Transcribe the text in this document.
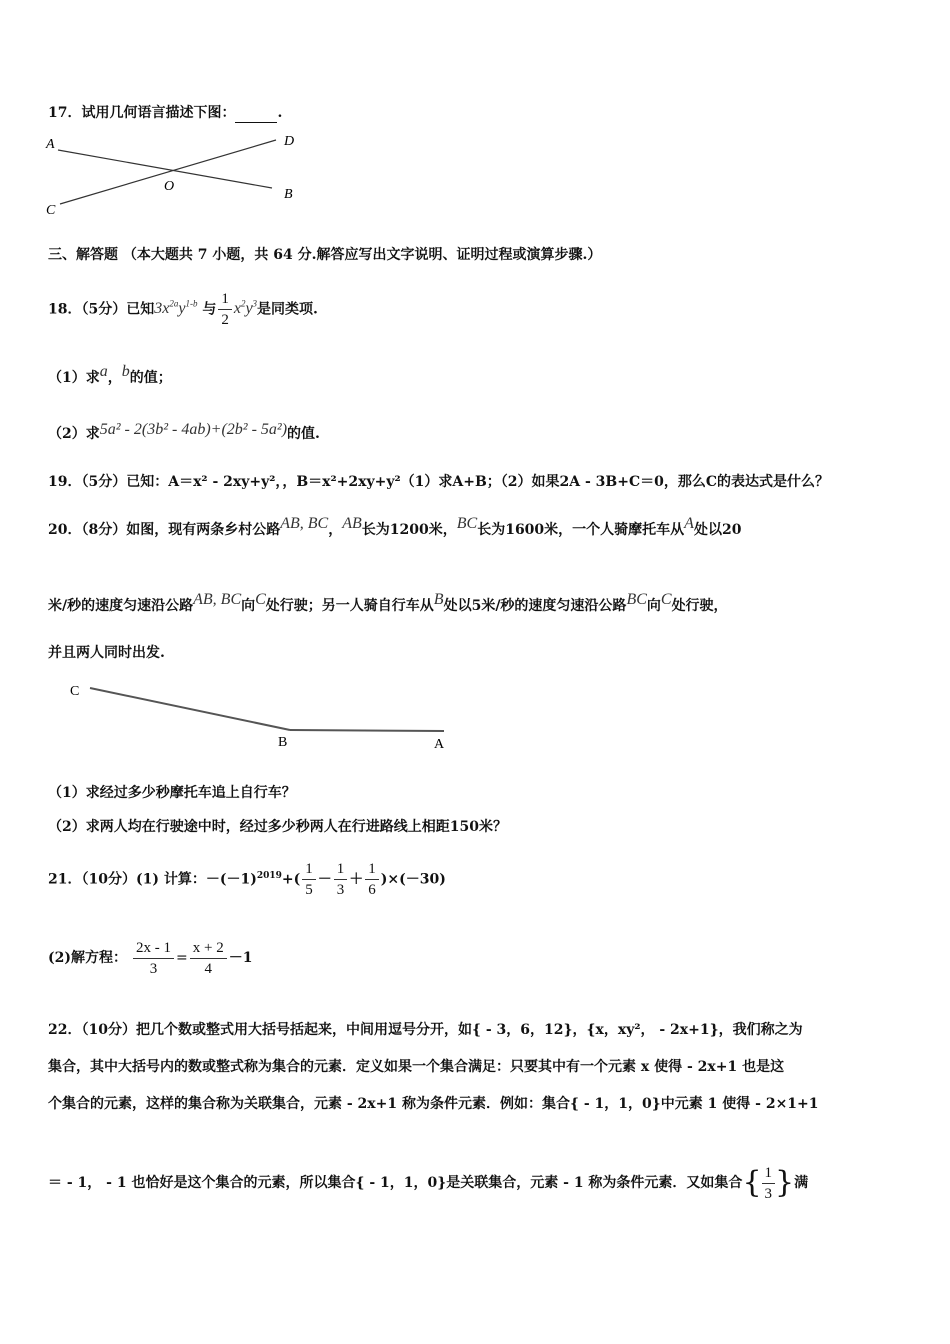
17．试用几何语言描述下图：	.
A	D
O
B
C
三、解答题 （本大题共 7 小题，共 64 分.解答应写出文字说明、证明过程或演算步骤.）
18．（5分）已知$3x^{2a}y^{1-b}$ 与 $\frac{1}{2} x^2y^3$是同类项.
（1）求a，b的值；
（2）求5a² - 2(3b² - 4ab)+(2b² - 5a²)的值.
19．（5分）已知：A＝x² - 2xy+y²，，B＝x²+2xy+y²（1）求A+B；（2）如果2A - 3B+C＝0，那么C的表达式是什么？
20．（8分）如图，现有两条乡村公路AB, BC，AB长为1200米，BC长为1600米，一个人骑摩托车从A处以20
米/秒的速度匀速沿公路AB, BC向C处行驶；另一人骑自行车从B处以5米/秒的速度匀速沿公路BC向C处行驶，
并且两人同时出发.
C
B	A
（1）求经过多少秒摩托车追上自行车？
（2）求两人均在行驶途中时，经过多少秒两人在行进路线上相距150米？
21．（10分）(1) 计算：$-(-1)^{2019}+( \frac{1}{5} - \frac{1}{3} + \frac{1}{6} )\times(-30)$
(2)解方程： $\frac{2x - 1}{3} = \frac{x + 2}{4} -1$
22．（10分）把几个数或整式用大括号括起来，中间用逗号分开，如{ - 3，6，12}，{x，xy²， - 2x+1}，我们称之为
集合，其中大括号内的数或整式称为集合的元素．定义如果一个集合满足：只要其中有一个元素 x 使得 - 2x+1 也是这
个集合的元素，这样的集合称为关联集合，元素 - 2x+1 称为条件元素．例如：集合{ - 1，1，0}中元素 1 使得 - 2×1+1
＝ - 1， - 1 也恰好是这个集合的元素，所以集合{ - 1，1，0}是关联集合，元素 - 1 称为条件元素．又如集合{ $\frac{1}{3}$ }满
